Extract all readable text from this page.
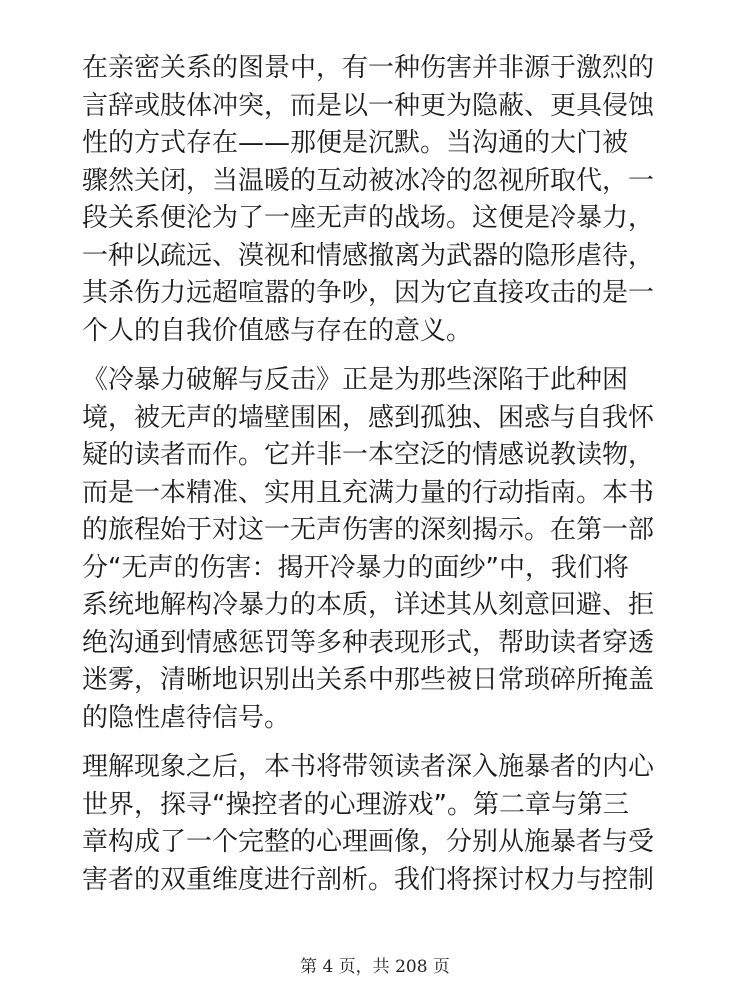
在亲密关系的图景中，有一种伤害并非源于激烈的
言辞或肢体冲突，而是以一种更为隐蔽、更具侵蚀
性的方式存在——那便是沉默。当沟通的大门被
骤然关闭，当温暖的互动被冰冷的忽视所取代，一
段关系便沦为了一座无声的战场。这便是冷暴力，
一种以疏远、漠视和情感撤离为武器的隐形虐待，
其杀伤力远超喧嚣的争吵，因为它直接攻击的是一
个人的自我价值感与存在的意义。

《冷暴力破解与反击》正是为那些深陷于此种困
境，被无声的墙壁围困，感到孤独、困惑与自我怀
疑的读者而作。它并非一本空泛的情感说教读物，
而是一本精准、实用且充满力量的行动指南。本书
的旅程始于对这一无声伤害的深刻揭示。在第一部
分“无声的伤害：揭开冷暴力的面纱”中，我们将
系统地解构冷暴力的本质，详述其从刻意回避、拒
绝沟通到情感惩罚等多种表现形式，帮助读者穿透
迷雾，清晰地识别出关系中那些被日常琐碎所掩盖
的隐性虐待信号。

理解现象之后，本书将带领读者深入施暴者的内心
世界，探寻“操控者的心理游戏”。第二章与第三
章构成了一个完整的心理画像，分别从施暴者与受
害者的双重维度进行剖析。我们将探讨权力与控制

第 4 页，共 208 页
